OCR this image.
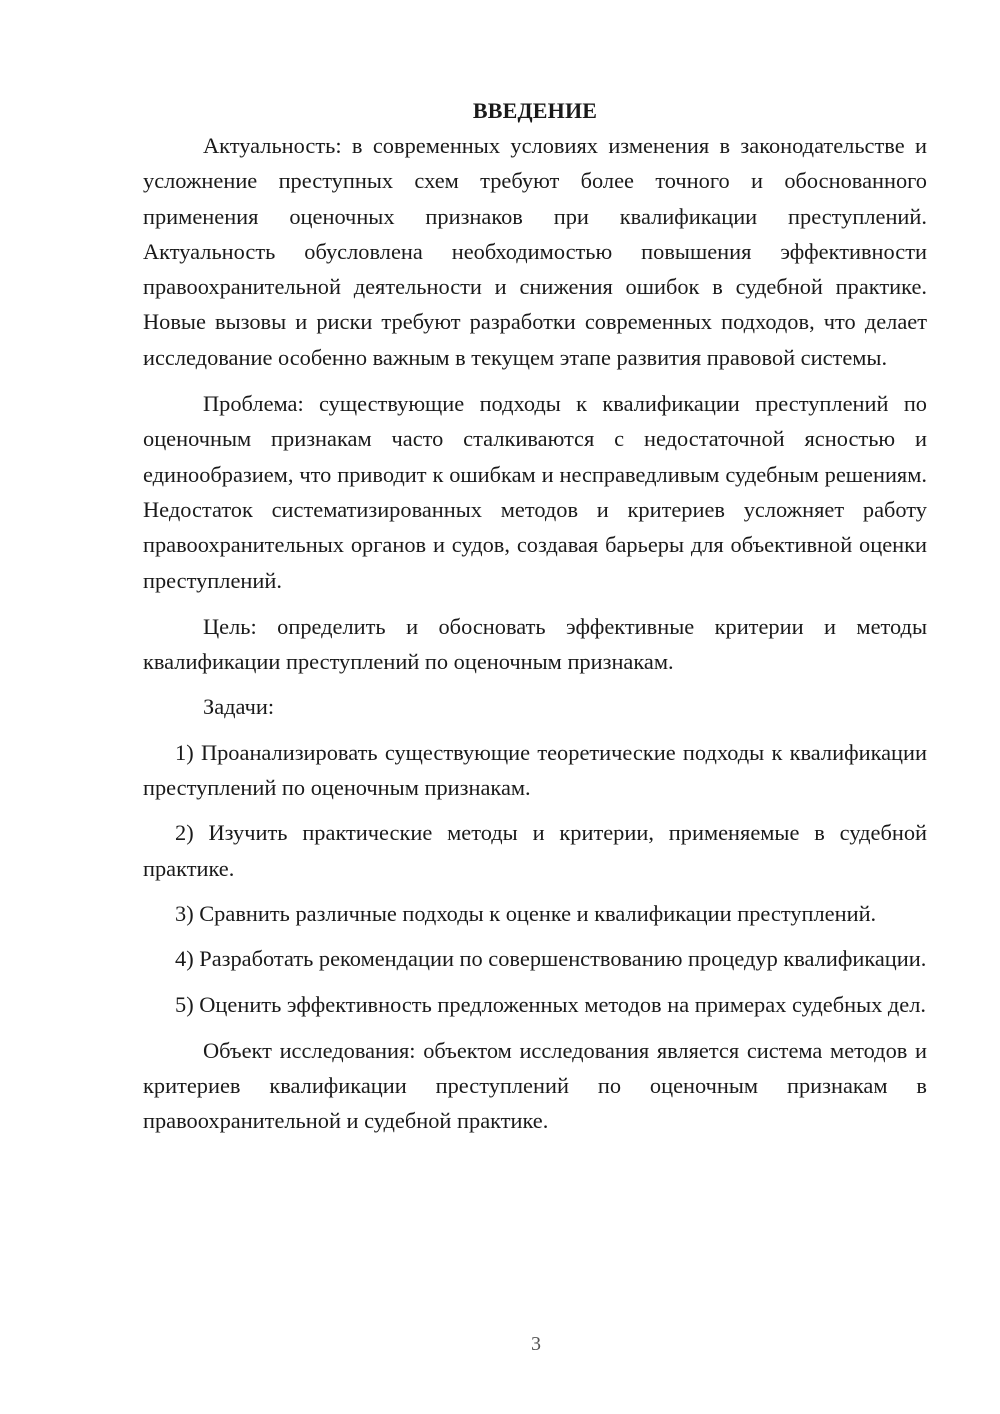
ВВЕДЕНИЕ

Актуальность: в современных условиях изменения в законодательстве и усложнение преступных схем требуют более точного и обоснованного применения оценочных признаков при квалификации преступлений. Актуальность обусловлена необходимостью повышения эффективности правоохранительной деятельности и снижения ошибок в судебной практике. Новые вызовы и риски требуют разработки современных подходов, что делает исследование особенно важным в текущем этапе развития правовой системы.

Проблема: существующие подходы к квалификации преступлений по оценочным признакам часто сталкиваются с недостаточной ясностью и единообразием, что приводит к ошибкам и несправедливым судебным решениям. Недостаток систематизированных методов и критериев усложняет работу правоохранительных органов и судов, создавая барьеры для объективной оценки преступлений.

Цель: определить и обосновать эффективные критерии и методы квалификации преступлений по оценочным признакам.

Задачи:

1) Проанализировать существующие теоретические подходы к квалификации преступлений по оценочным признакам.

2) Изучить практические методы и критерии, применяемые в судебной практике.

3) Сравнить различные подходы к оценке и квалификации преступлений.

4) Разработать рекомендации по совершенствованию процедур квалификации.

5) Оценить эффективность предложенных методов на примерах судебных дел.

Объект исследования: объектом исследования является система методов и критериев квалификации преступлений по оценочным признакам в правоохранительной и судебной практике.

3
